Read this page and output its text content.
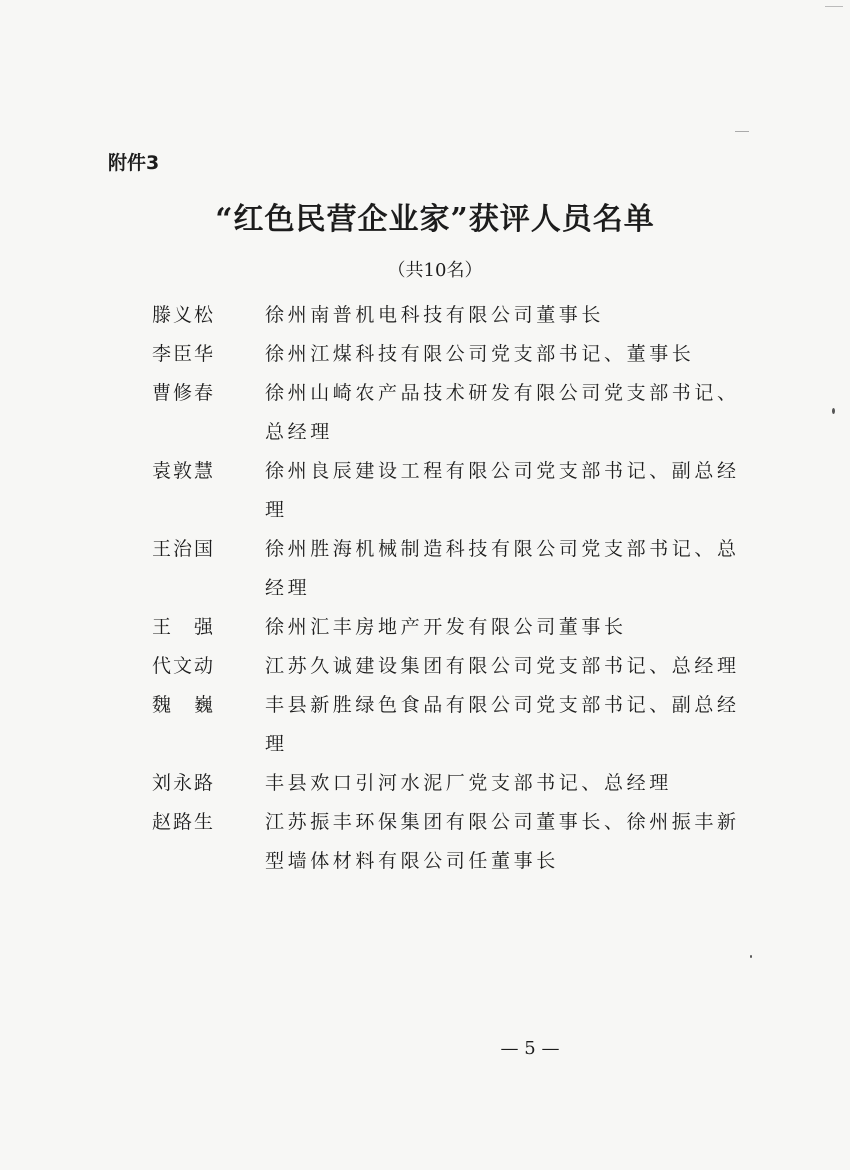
附件3
“红色民营企业家”获评人员名单
（共10名）
滕义松	徐州南普机电科技有限公司董事长
李臣华	徐州江煤科技有限公司党支部书记、董事长
曹修春	徐州山崎农产品技术研发有限公司党支部书记、总经理
袁敦慧	徐州良辰建设工程有限公司党支部书记、副总经理
王治国	徐州胜海机械制造科技有限公司党支部书记、总经理
王　强	徐州汇丰房地产开发有限公司董事长
代文动	江苏久诚建设集团有限公司党支部书记、总经理
魏　巍	丰县新胜绿色食品有限公司党支部书记、副总经理
刘永路	丰县欢口引河水泥厂党支部书记、总经理
赵路生	江苏振丰环保集团有限公司董事长、徐州振丰新型墙体材料有限公司任董事长
— 5 —
